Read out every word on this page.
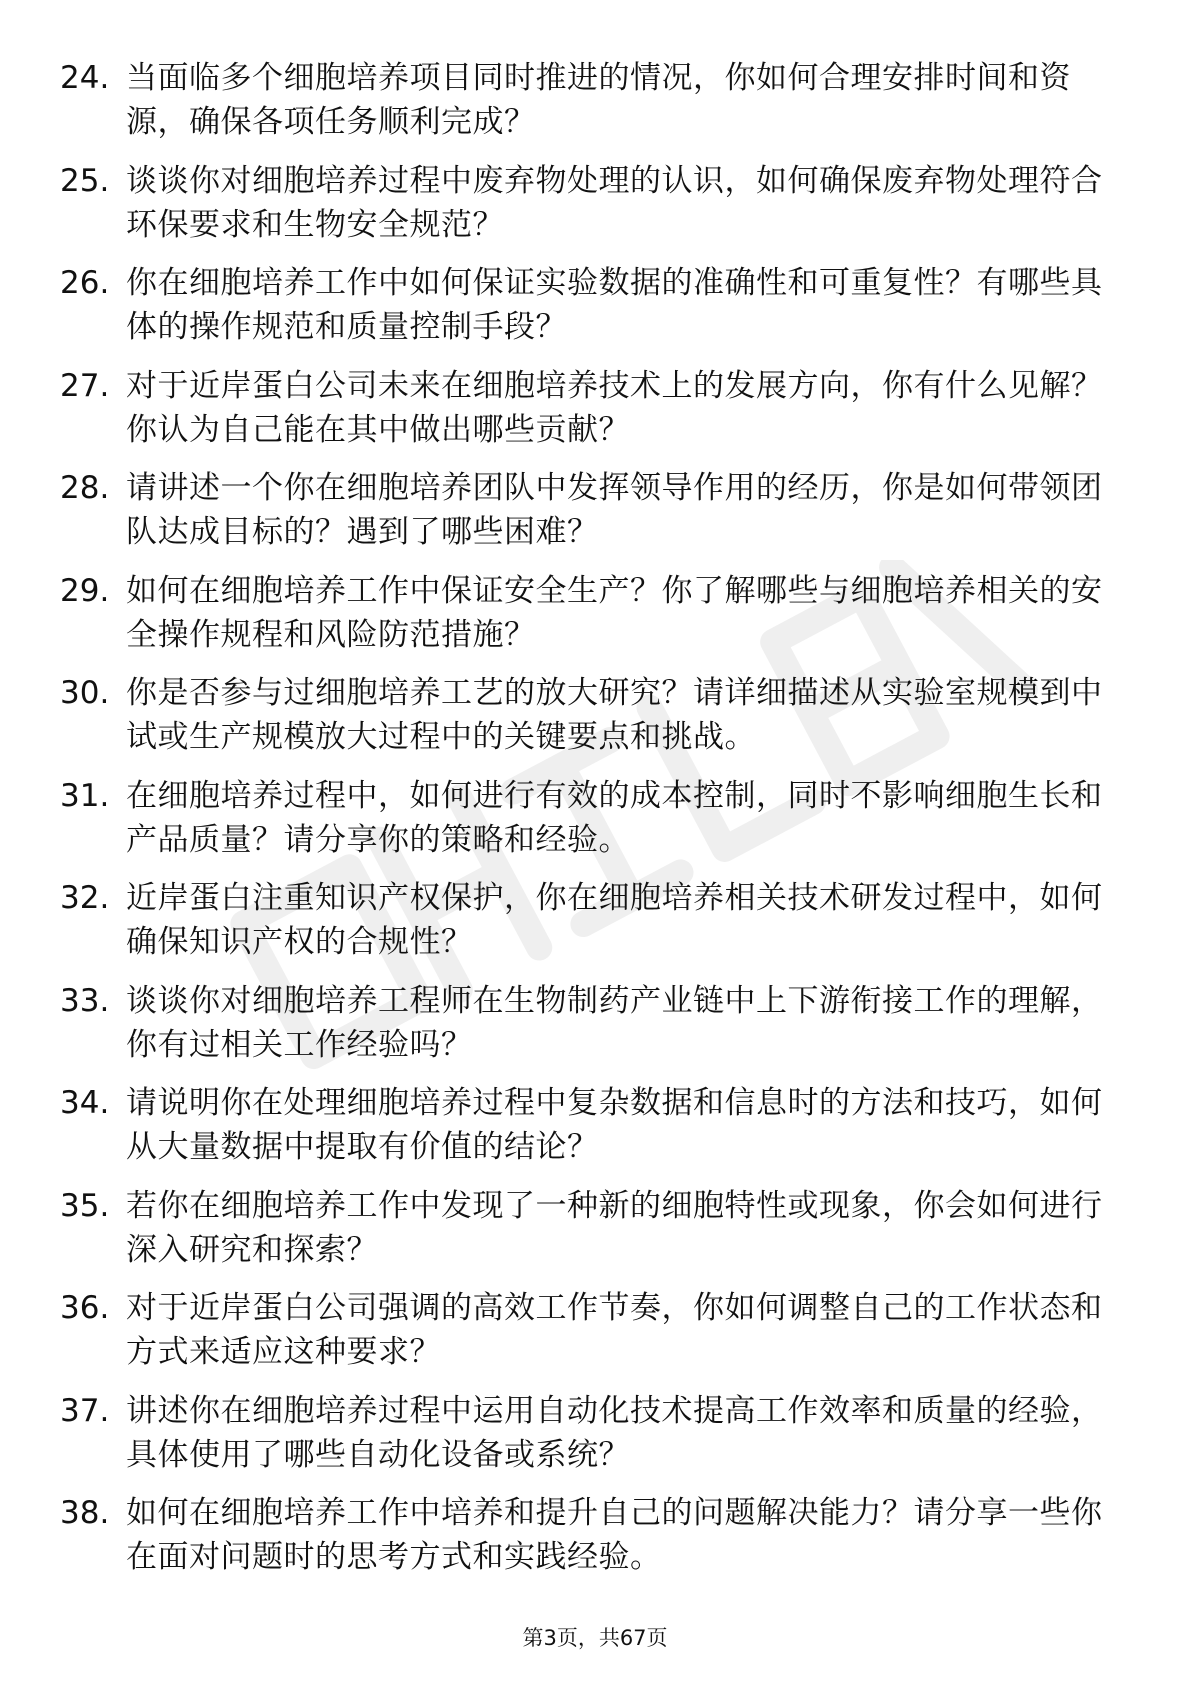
24. 当面临多个细胞培养项目同时推进的情况，你如何合理安排时间和资源，确保各项任务顺利完成？
25. 谈谈你对细胞培养过程中废弃物处理的认识，如何确保废弃物处理符合环保要求和生物安全规范？
26. 你在细胞培养工作中如何保证实验数据的准确性和可重复性？有哪些具体的操作规范和质量控制手段？
27. 对于近岸蛋白公司未来在细胞培养技术上的发展方向，你有什么见解？你认为自己能在其中做出哪些贡献？
28. 请讲述一个你在细胞培养团队中发挥领导作用的经历，你是如何带领团队达成目标的？遇到了哪些困难？
29. 如何在细胞培养工作中保证安全生产？你了解哪些与细胞培养相关的安全操作规程和风险防范措施？
30. 你是否参与过细胞培养工艺的放大研究？请详细描述从实验室规模到中试或生产规模放大过程中的关键要点和挑战。
31. 在细胞培养过程中，如何进行有效的成本控制，同时不影响细胞生长和产品质量？请分享你的策略和经验。
32. 近岸蛋白注重知识产权保护，你在细胞培养相关技术研发过程中，如何确保知识产权的合规性？
33. 谈谈你对细胞培养工程师在生物制药产业链中上下游衔接工作的理解，你有过相关工作经验吗？
34. 请说明你在处理细胞培养过程中复杂数据和信息时的方法和技巧，如何从大量数据中提取有价值的结论？
35. 若你在细胞培养工作中发现了一种新的细胞特性或现象，你会如何进行深入研究和探索？
36. 对于近岸蛋白公司强调的高效工作节奏，你如何调整自己的工作状态和方式来适应这种要求？
37. 讲述你在细胞培养过程中运用自动化技术提高工作效率和质量的经验，具体使用了哪些自动化设备或系统？
38. 如何在细胞培养工作中培养和提升自己的问题解决能力？请分享一些你在面对问题时的思考方式和实践经验。
第3页，共67页
